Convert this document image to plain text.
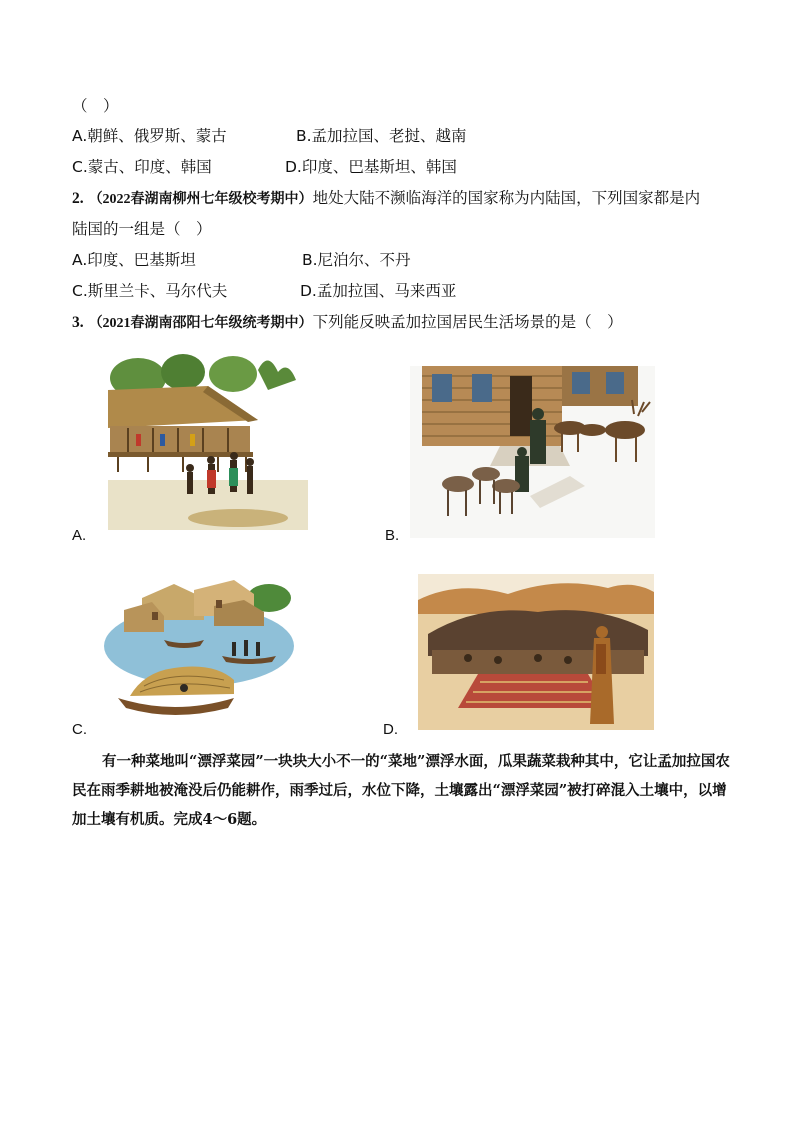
（　）
A.朝鲜、俄罗斯、蒙古	B.孟加拉国、老挝、越南
C.蒙古、印度、韩国	D.印度、巴基斯坦、韩国
2. （2022春湖南柳州七年级校考期中）地处大陆不濒临海洋的国家称为内陆国，下列国家都是内
陆国的一组是（　）
A.印度、巴基斯坦	B.尼泊尔、不丹
C.斯里兰卡、马尔代夫	D.孟加拉国、马来西亚
3. （2021春湖南邵阳七年级统考期中）下列能反映孟加拉国居民生活场景的是（　）
A.	B.
C.	D.
有一种菜地叫“漂浮菜园”一块块大小不一的“菜地”漂浮水面，瓜果蔬菜栽种其中，它让孟加拉国农民在雨季耕地被淹没后仍能耕作，雨季过后，水位下降，土壤露出“漂浮菜园”被打碎混入土壤中，以增加土壤有机质。完成4～6题。
